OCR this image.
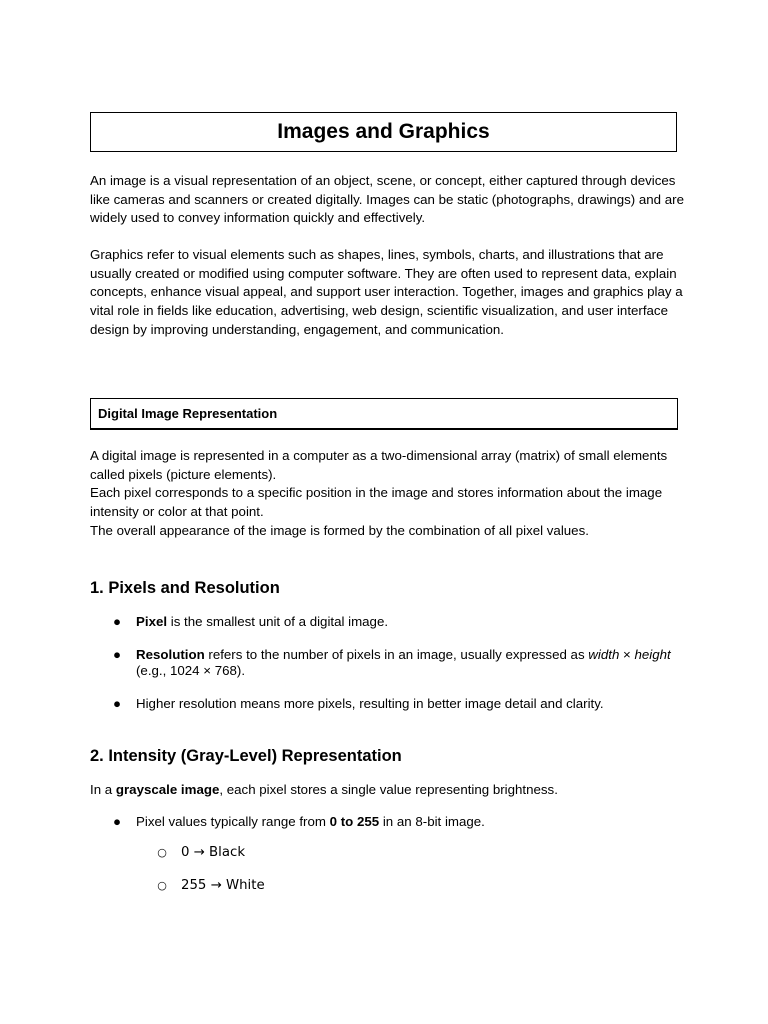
Images and Graphics

An image is a visual representation of an object, scene, or concept, either captured through devices like cameras and scanners or created digitally. Images can be static (photographs, drawings) and are widely used to convey information quickly and effectively.

Graphics refer to visual elements such as shapes, lines, symbols, charts, and illustrations that are usually created or modified using computer software. They are often used to represent data, explain concepts, enhance visual appeal, and support user interaction. Together, images and graphics play a vital role in fields like education, advertising, web design, scientific visualization, and user interface design by improving understanding, engagement, and communication.

Digital Image Representation

A digital image is represented in a computer as a two-dimensional array (matrix) of small elements called pixels (picture elements).
Each pixel corresponds to a specific position in the image and stores information about the image intensity or color at that point.
The overall appearance of the image is formed by the combination of all pixel values.

1. Pixels and Resolution
● Pixel is the smallest unit of a digital image.
● Resolution refers to the number of pixels in an image, usually expressed as width × height (e.g., 1024 × 768).
● Higher resolution means more pixels, resulting in better image detail and clarity.
2. Intensity (Gray-Level) Representation

In a grayscale image, each pixel stores a single value representing brightness.

● Pixel values typically range from 0 to 255 in an 8-bit image.
○ 0 → Black
○ 255 → White
